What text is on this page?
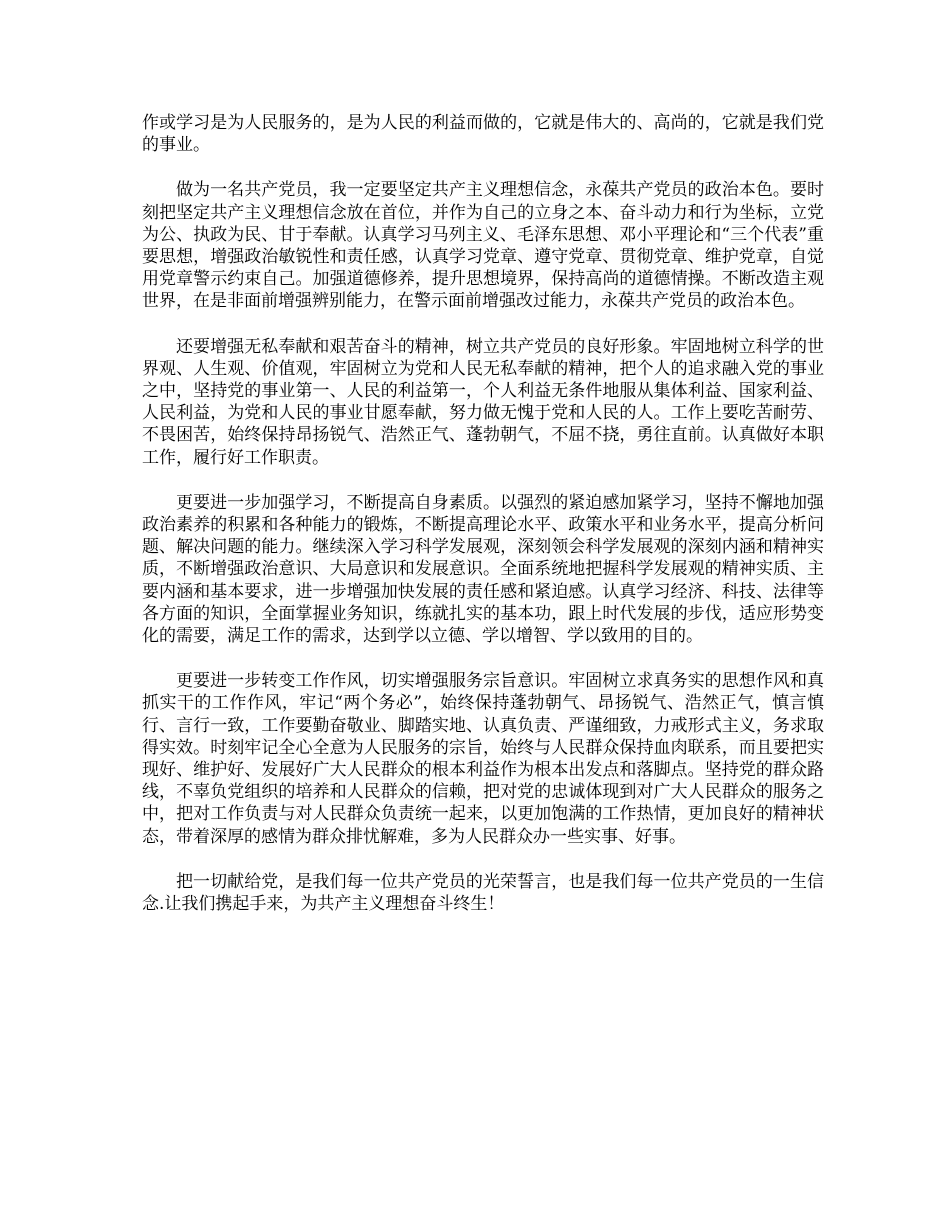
作或学习是为人民服务的，是为人民的利益而做的，它就是伟大的、高尚的，它就是我们党的事业。

做为一名共产党员，我一定要坚定共产主义理想信念，永葆共产党员的政治本色。要时刻把坚定共产主义理想信念放在首位，并作为自己的立身之本、奋斗动力和行为坐标，立党为公、执政为民、甘于奉献。认真学习马列主义、毛泽东思想、邓小平理论和“三个代表”重要思想，增强政治敏锐性和责任感，认真学习党章、遵守党章、贯彻党章、维护党章，自觉用党章警示约束自己。加强道德修养，提升思想境界，保持高尚的道德情操。不断改造主观世界，在是非面前增强辨别能力，在警示面前增强改过能力，永葆共产党员的政治本色。

还要增强无私奉献和艰苦奋斗的精神，树立共产党员的良好形象。牢固地树立科学的世界观、人生观、价值观，牢固树立为党和人民无私奉献的精神，把个人的追求融入党的事业之中，坚持党的事业第一、人民的利益第一，个人利益无条件地服从集体利益、国家利益、人民利益，为党和人民的事业甘愿奉献，努力做无愧于党和人民的人。工作上要吃苦耐劳、不畏困苦，始终保持昂扬锐气、浩然正气、蓬勃朝气，不屈不挠，勇往直前。认真做好本职工作，履行好工作职责。

更要进一步加强学习，不断提高自身素质。以强烈的紧迫感加紧学习，坚持不懈地加强政治素养的积累和各种能力的锻炼，不断提高理论水平、政策水平和业务水平，提高分析问题、解决问题的能力。继续深入学习科学发展观，深刻领会科学发展观的深刻内涵和精神实质，不断增强政治意识、大局意识和发展意识。全面系统地把握科学发展观的精神实质、主要内涵和基本要求，进一步增强加快发展的责任感和紧迫感。认真学习经济、科技、法律等各方面的知识，全面掌握业务知识，练就扎实的基本功，跟上时代发展的步伐，适应形势变化的需要，满足工作的需求，达到学以立德、学以增智、学以致用的目的。

更要进一步转变工作作风，切实增强服务宗旨意识。牢固树立求真务实的思想作风和真抓实干的工作作风，牢记“两个务必”，始终保持蓬勃朝气、昂扬锐气、浩然正气，慎言慎行、言行一致，工作要勤奋敬业、脚踏实地、认真负责、严谨细致，力戒形式主义，务求取得实效。时刻牢记全心全意为人民服务的宗旨，始终与人民群众保持血肉联系，而且要把实现好、维护好、发展好广大人民群众的根本利益作为根本出发点和落脚点。坚持党的群众路线，不辜负党组织的培养和人民群众的信赖，把对党的忠诚体现到对广大人民群众的服务之中，把对工作负责与对人民群众负责统一起来，以更加饱满的工作热情，更加良好的精神状态，带着深厚的感情为群众排忧解难，多为人民群众办一些实事、好事。

把一切献给党，是我们每一位共产党员的光荣誓言，也是我们每一位共产党员的一生信念.让我们携起手来，为共产主义理想奋斗终生！
